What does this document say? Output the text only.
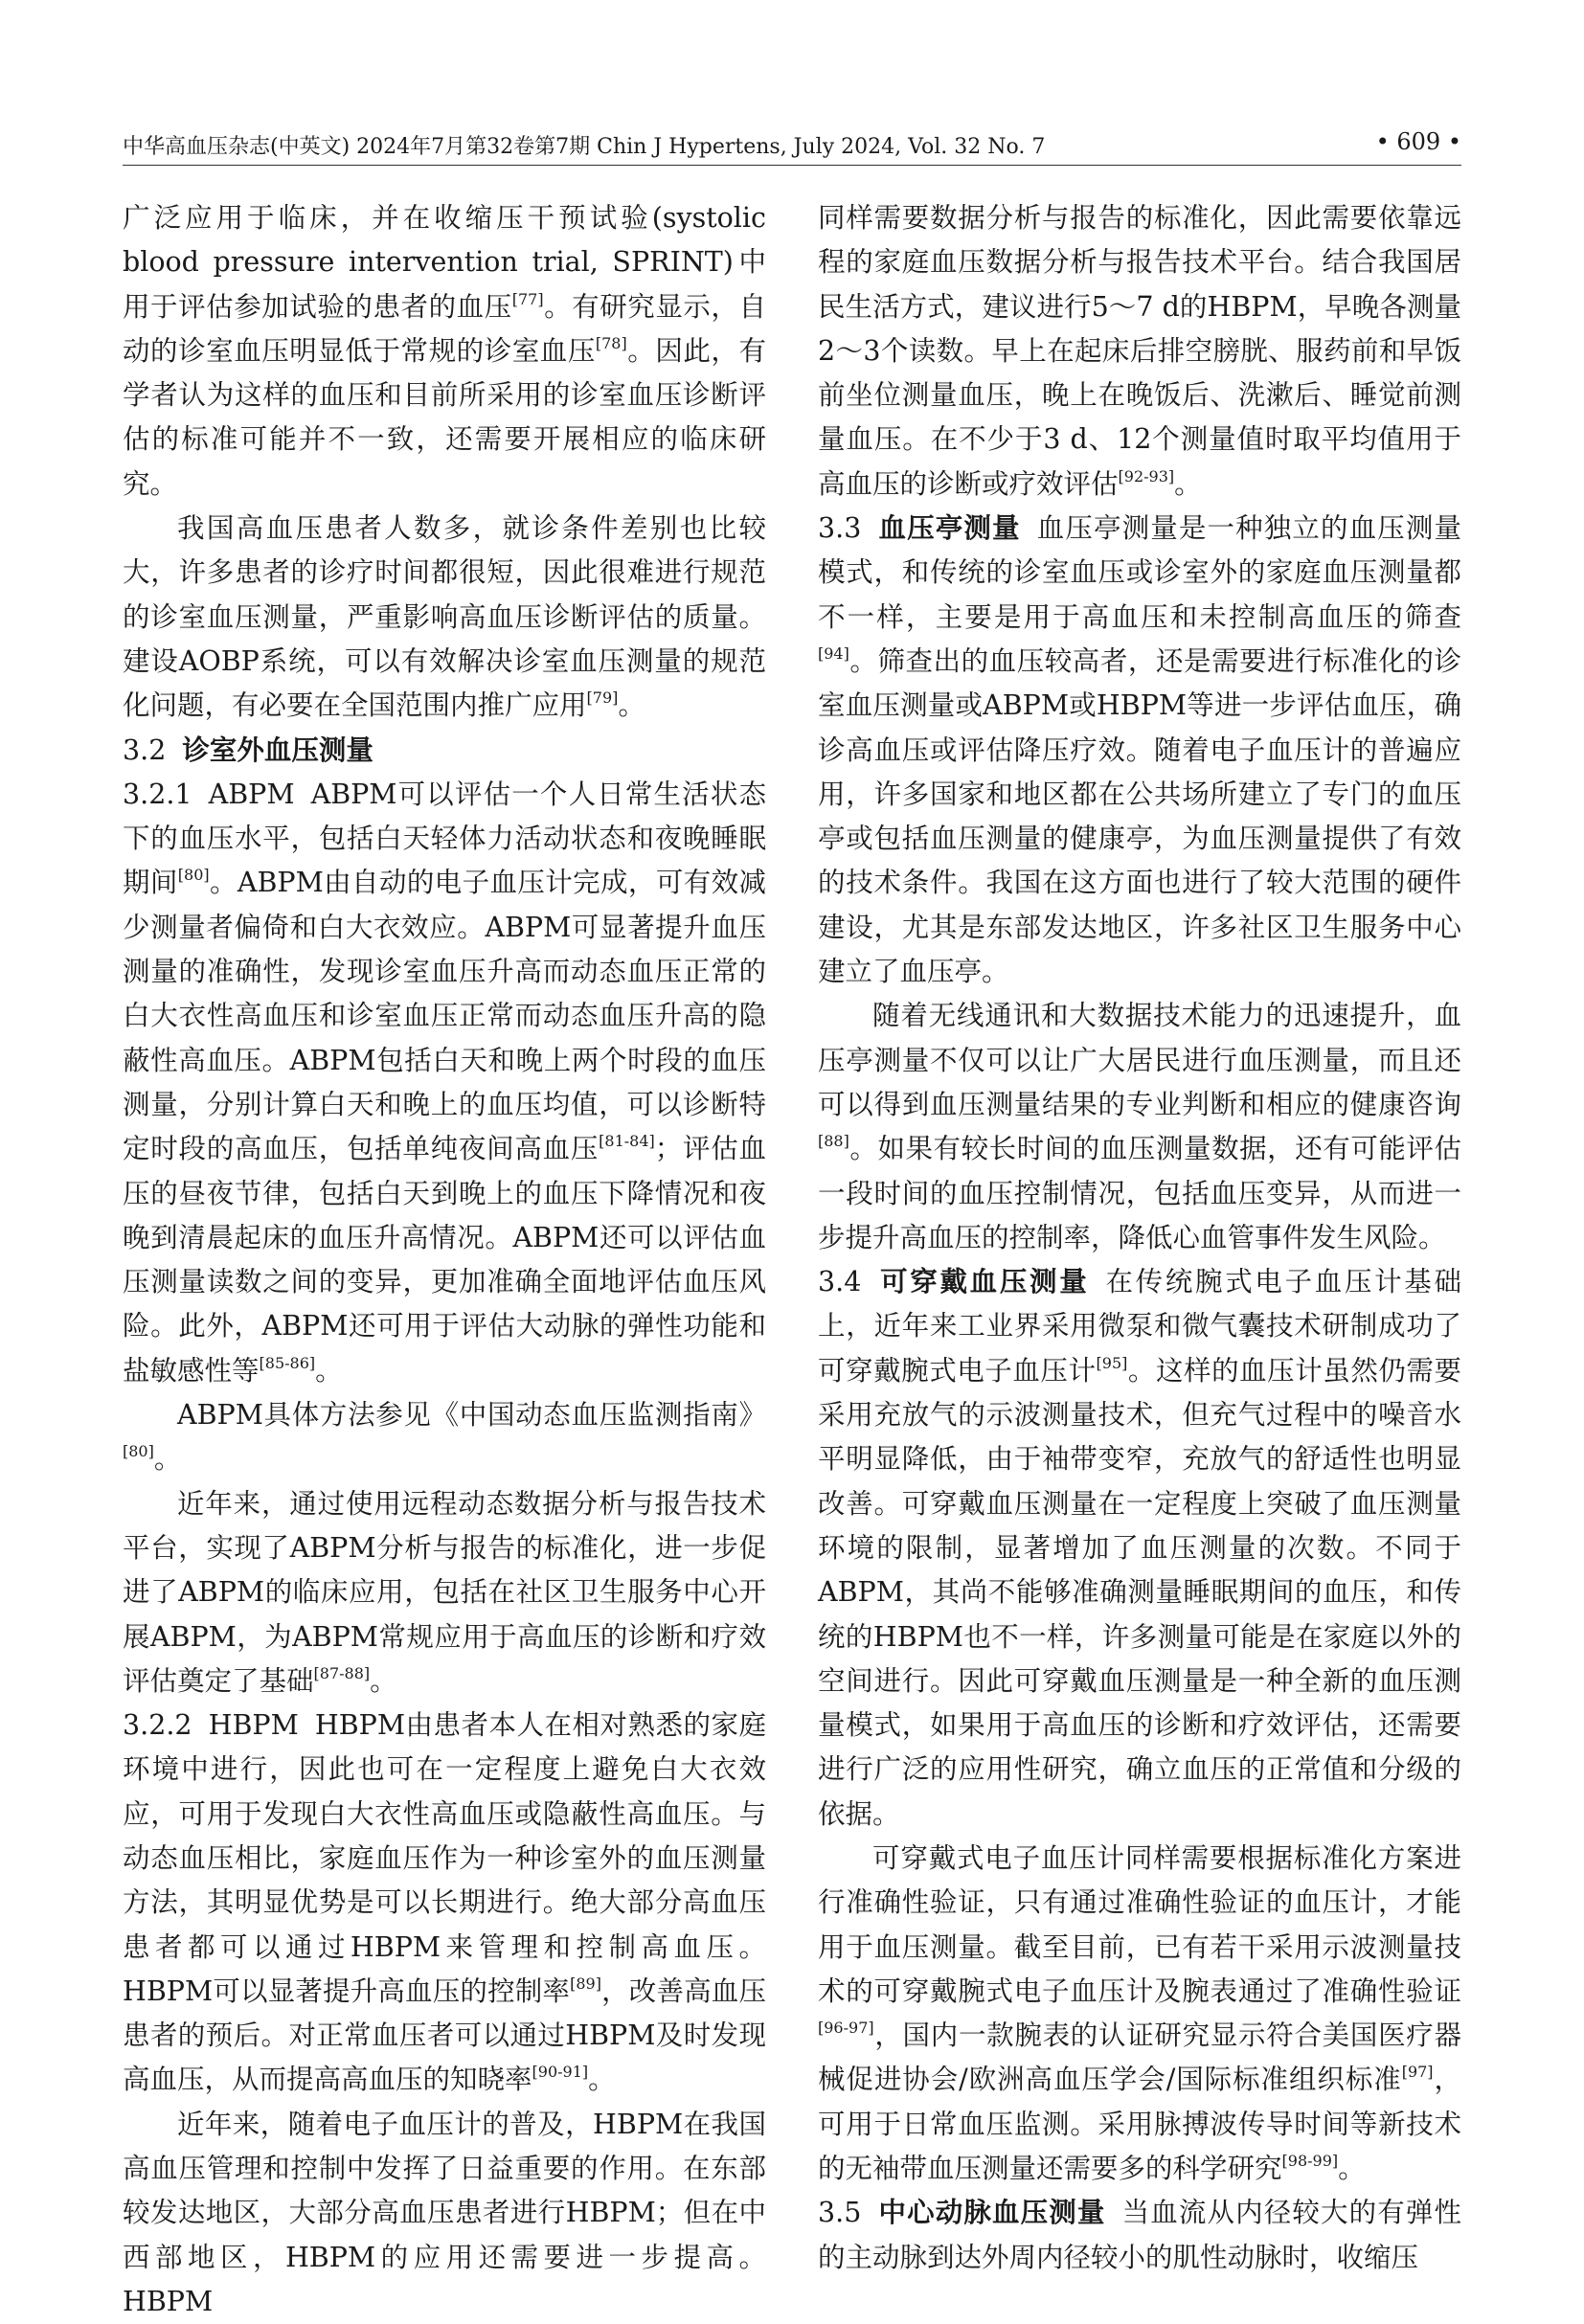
中华高血压杂志(中英文) 2024年7月第32卷第7期 Chin J Hypertens, July 2024, Vol. 32 No. 7	• 609 •

广泛应用于临床，并在收缩压干预试验(systolic blood pressure intervention trial, SPRINT)中用于评估参加试验的患者的血压[77]。有研究显示，自动的诊室血压明显低于常规的诊室血压[78]。因此，有学者认为这样的血压和目前所采用的诊室血压诊断评估的标准可能并不一致，还需要开展相应的临床研究。

我国高血压患者人数多，就诊条件差别也比较大，许多患者的诊疗时间都很短，因此很难进行规范的诊室血压测量，严重影响高血压诊断评估的质量。建设AOBP系统，可以有效解决诊室血压测量的规范化问题，有必要在全国范围内推广应用[79]。

3.2 诊室外血压测量

3.2.1 ABPM ABPM可以评估一个人日常生活状态下的血压水平，包括白天轻体力活动状态和夜晚睡眠期间[80]。ABPM由自动的电子血压计完成，可有效减少测量者偏倚和白大衣效应。ABPM可显著提升血压测量的准确性，发现诊室血压升高而动态血压正常的白大衣性高血压和诊室血压正常而动态血压升高的隐蔽性高血压。ABPM包括白天和晚上两个时段的血压测量，分别计算白天和晚上的血压均值，可以诊断特定时段的高血压，包括单纯夜间高血压[81-84]；评估血压的昼夜节律，包括白天到晚上的血压下降情况和夜晚到清晨起床的血压升高情况。ABPM还可以评估血压测量读数之间的变异，更加准确全面地评估血压风险。此外，ABPM还可用于评估大动脉的弹性功能和盐敏感性等[85-86]。

ABPM具体方法参见《中国动态血压监测指南》[80]。

近年来，通过使用远程动态数据分析与报告技术平台，实现了ABPM分析与报告的标准化，进一步促进了ABPM的临床应用，包括在社区卫生服务中心开展ABPM，为ABPM常规应用于高血压的诊断和疗效评估奠定了基础[87-88]。

3.2.2 HBPM HBPM由患者本人在相对熟悉的家庭环境中进行，因此也可在一定程度上避免白大衣效应，可用于发现白大衣性高血压或隐蔽性高血压。与动态血压相比，家庭血压作为一种诊室外的血压测量方法，其明显优势是可以长期进行。绝大部分高血压患者都可以通过HBPM来管理和控制高血压。HBPM可以显著提升高血压的控制率[89]，改善高血压患者的预后。对正常血压者可以通过HBPM及时发现高血压，从而提高高血压的知晓率[90-91]。

近年来，随着电子血压计的普及，HBPM在我国高血压管理和控制中发挥了日益重要的作用。在东部较发达地区，大部分高血压患者进行HBPM；但在中西部地区，HBPM的应用还需要进一步提高。HBPM

同样需要数据分析与报告的标准化，因此需要依靠远程的家庭血压数据分析与报告技术平台。结合我国居民生活方式，建议进行5～7 d的HBPM，早晚各测量2～3个读数。早上在起床后排空膀胱、服药前和早饭前坐位测量血压，晚上在晚饭后、洗漱后、睡觉前测量血压。在不少于3 d、12个测量值时取平均值用于高血压的诊断或疗效评估[92-93]。

3.3 血压亭测量 血压亭测量是一种独立的血压测量模式，和传统的诊室血压或诊室外的家庭血压测量都不一样，主要是用于高血压和未控制高血压的筛查[94]。筛查出的血压较高者，还是需要进行标准化的诊室血压测量或ABPM或HBPM等进一步评估血压，确诊高血压或评估降压疗效。随着电子血压计的普遍应用，许多国家和地区都在公共场所建立了专门的血压亭或包括血压测量的健康亭，为血压测量提供了有效的技术条件。我国在这方面也进行了较大范围的硬件建设，尤其是东部发达地区，许多社区卫生服务中心建立了血压亭。

随着无线通讯和大数据技术能力的迅速提升，血压亭测量不仅可以让广大居民进行血压测量，而且还可以得到血压测量结果的专业判断和相应的健康咨询[88]。如果有较长时间的血压测量数据，还有可能评估一段时间的血压控制情况，包括血压变异，从而进一步提升高血压的控制率，降低心血管事件发生风险。

3.4 可穿戴血压测量 在传统腕式电子血压计基础上，近年来工业界采用微泵和微气囊技术研制成功了可穿戴腕式电子血压计[95]。这样的血压计虽然仍需要采用充放气的示波测量技术，但充气过程中的噪音水平明显降低，由于袖带变窄，充放气的舒适性也明显改善。可穿戴血压测量在一定程度上突破了血压测量环境的限制，显著增加了血压测量的次数。不同于ABPM，其尚不能够准确测量睡眠期间的血压，和传统的HBPM也不一样，许多测量可能是在家庭以外的空间进行。因此可穿戴血压测量是一种全新的血压测量模式，如果用于高血压的诊断和疗效评估，还需要进行广泛的应用性研究，确立血压的正常值和分级的依据。

可穿戴式电子血压计同样需要根据标准化方案进行准确性验证，只有通过准确性验证的血压计，才能用于血压测量。截至目前，已有若干采用示波测量技术的可穿戴腕式电子血压计及腕表通过了准确性验证[96-97]，国内一款腕表的认证研究显示符合美国医疗器械促进协会/欧洲高血压学会/国际标准组织标准[97]，可用于日常血压监测。采用脉搏波传导时间等新技术的无袖带血压测量还需要多的科学研究[98-99]。

3.5 中心动脉血压测量 当血流从内径较大的有弹性的主动脉到达外周内径较小的肌性动脉时，收缩压
